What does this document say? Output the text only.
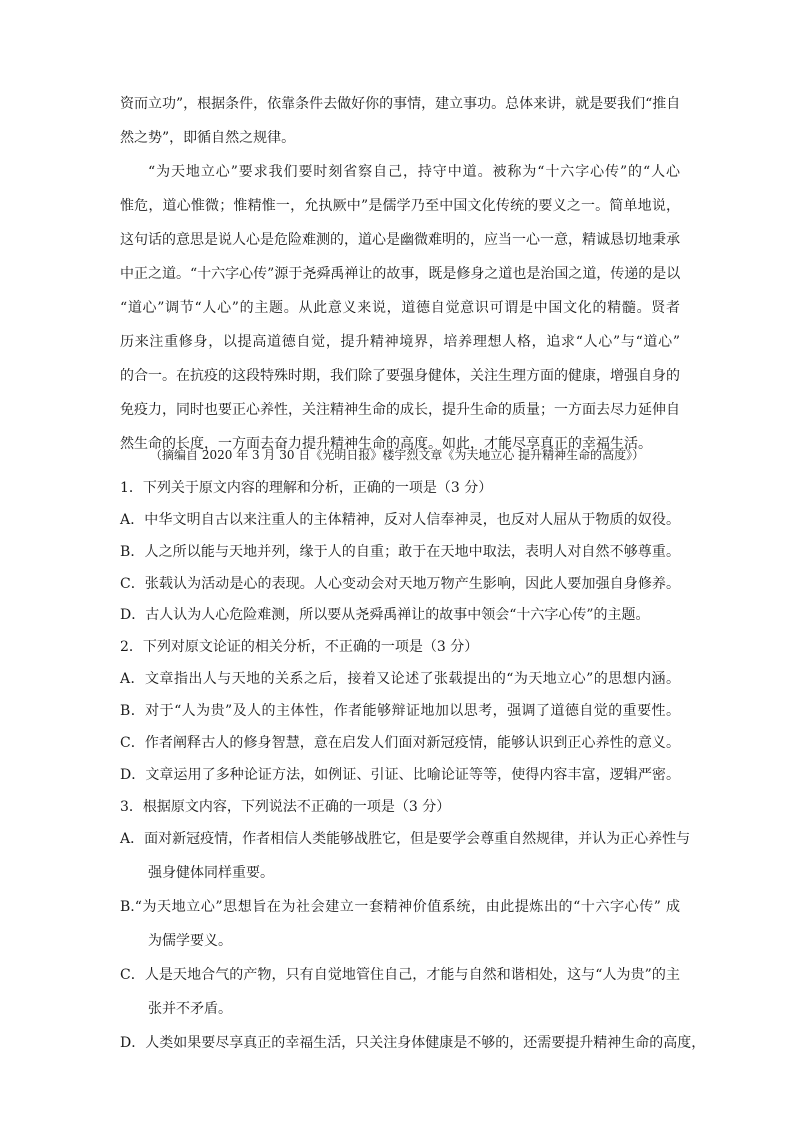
资而立功”，根据条件，依靠条件去做好你的事情，建立事功。总体来讲，就是要我们“推自
然之势”，即循自然之规律。
“为天地立心”要求我们要时刻省察自己，持守中道。被称为“十六字心传”的“人心
惟危，道心惟微；惟精惟一，允执厥中”是儒学乃至中国文化传统的要义之一。简单地说，
这句话的意思是说人心是危险难测的，道心是幽微难明的，应当一心一意，精诚恳切地秉承
中正之道。“十六字心传”源于尧舜禹禅让的故事，既是修身之道也是治国之道，传递的是以
“道心”调节“人心”的主题。从此意义来说，道德自觉意识可谓是中国文化的精髓。贤者
历来注重修身，以提高道德自觉，提升精神境界，培养理想人格，追求“人心”与“道心”
的合一。在抗疫的这段特殊时期，我们除了要强身健体，关注生理方面的健康，增强自身的
免疫力，同时也要正心养性，关注精神生命的成长，提升生命的质量；一方面去尽力延伸自
然生命的长度，一方面去奋力提升精神生命的高度。如此，才能尽享真正的幸福生活。
（摘编自 2020 年 3 月 30 日《光明日报》楼宇烈文章《为天地立心 提升精神生命的高度》）
1．下列关于原文内容的理解和分析，正确的一项是（3 分）
A．中华文明自古以来注重人的主体精神，反对人信奉神灵，也反对人屈从于物质的奴役。
B．人之所以能与天地并列，缘于人的自重；敢于在天地中取法，表明人对自然不够尊重。
C．张载认为活动是心的表现。人心变动会对天地万物产生影响，因此人要加强自身修养。
D．古人认为人心危险难测，所以要从尧舜禹禅让的故事中领会“十六字心传”的主题。
2．下列对原文论证的相关分析，不正确的一项是（3 分）
A．文章指出人与天地的关系之后，接着又论述了张载提出的“为天地立心”的思想内涵。
B．对于“人为贵”及人的主体性，作者能够辩证地加以思考，强调了道德自觉的重要性。
C．作者阐释古人的修身智慧，意在启发人们面对新冠疫情，能够认识到正心养性的意义。
D．文章运用了多种论证方法，如例证、引证、比喻论证等等，使得内容丰富，逻辑严密。
3．根据原文内容，下列说法不正确的一项是（3 分）
A．面对新冠疫情，作者相信人类能够战胜它，但是要学会尊重自然规律，并认为正心养性与
强身健体同样重要。
B.“为天地立心”思想旨在为社会建立一套精神价值系统，由此提炼出的“十六字心传” 成
为儒学要义。
C．人是天地合气的产物，只有自觉地管住自己，才能与自然和谐相处，这与“人为贵”的主
张并不矛盾。
D．人类如果要尽享真正的幸福生活，只关注身体健康是不够的，还需要提升精神生命的高度，
